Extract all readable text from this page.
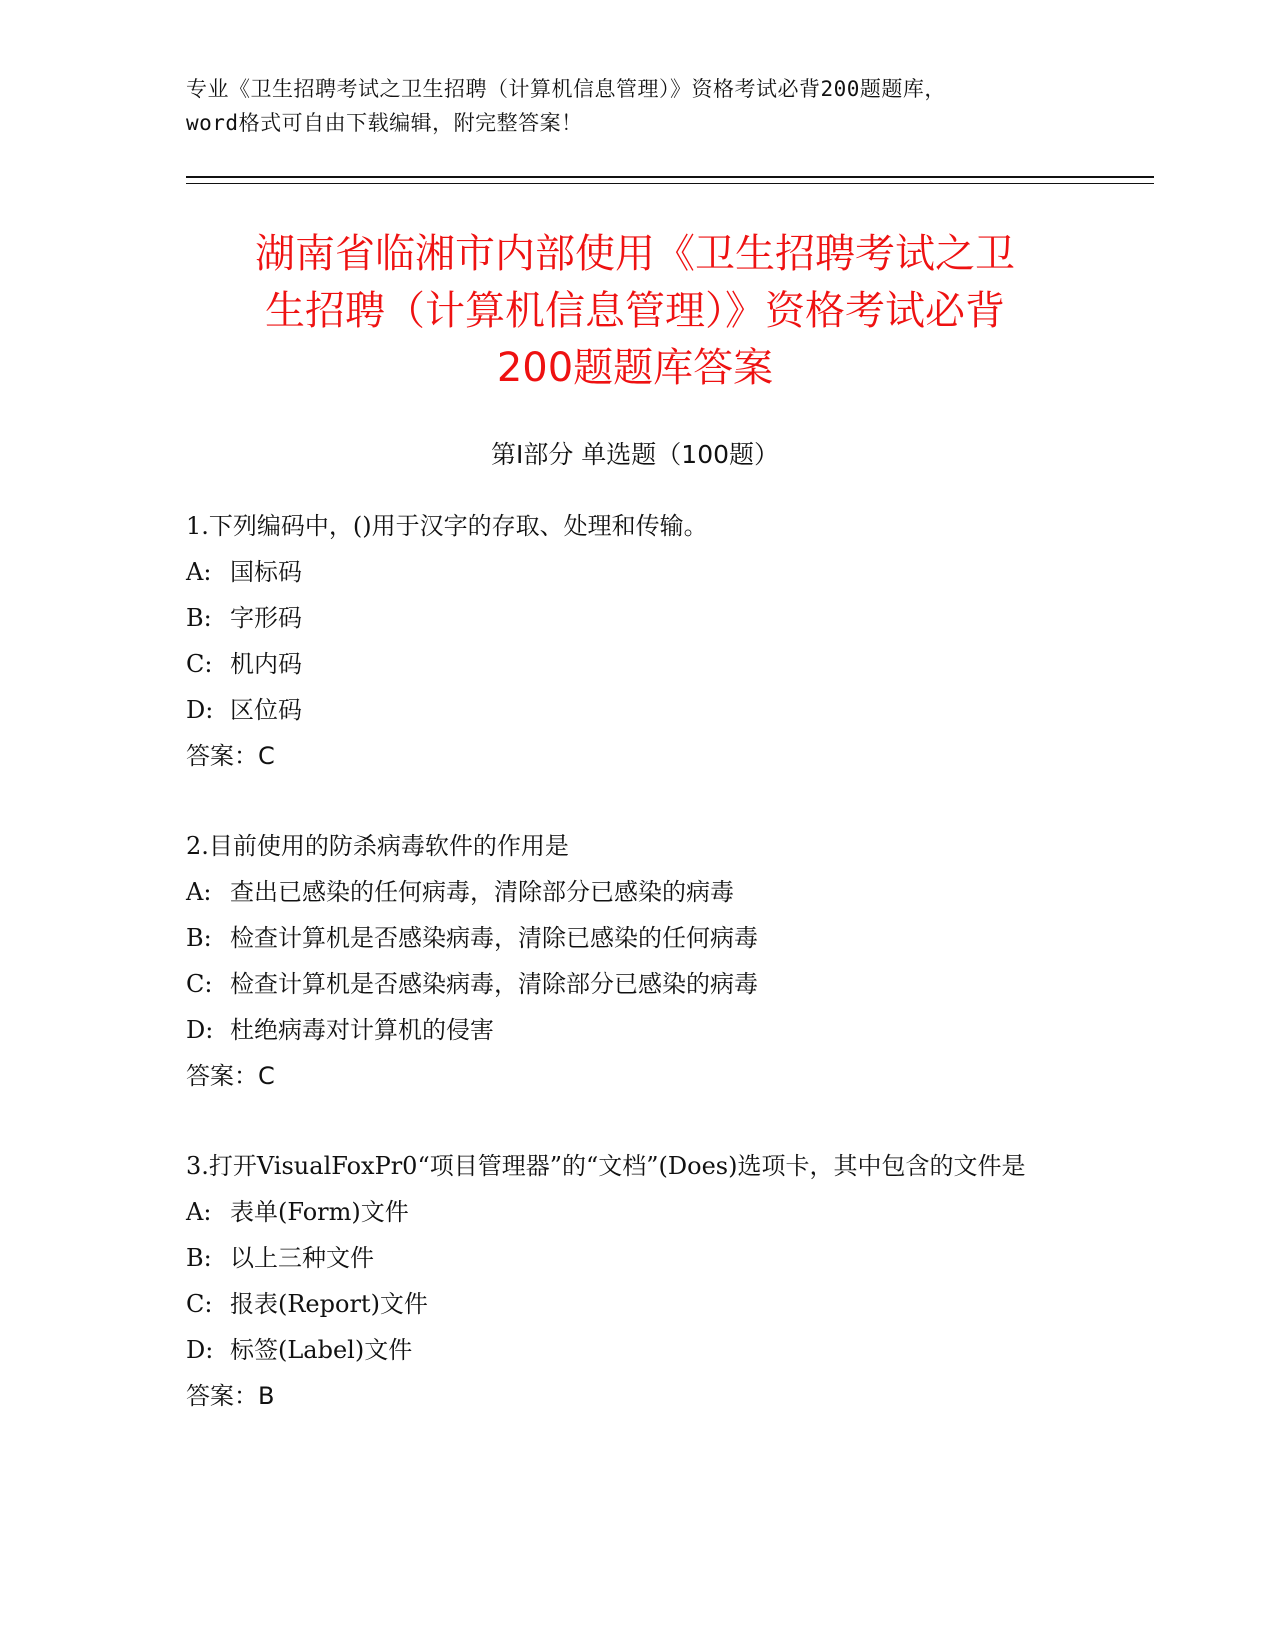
专业《卫生招聘考试之卫生招聘（计算机信息管理）》资格考试必背200题题库，
word格式可自由下载编辑，附完整答案！
湖南省临湘市内部使用《卫生招聘考试之卫
生招聘（计算机信息管理）》资格考试必背
200题题库答案
第Ⅰ部分 单选题（100题）
1.下列编码中，()用于汉字的存取、处理和传输。
A: 国标码
B: 字形码
C: 机内码
D: 区位码
答案：C
2.目前使用的防杀病毒软件的作用是
A: 查出已感染的任何病毒，清除部分已感染的病毒
B: 检查计算机是否感染病毒，清除已感染的任何病毒
C: 检查计算机是否感染病毒，清除部分已感染的病毒
D: 杜绝病毒对计算机的侵害
答案：C
3.打开VisualFoxPr0“项目管理器”的“文档”(Does)选项卡，其中包含的文件是
A: 表单(Form)文件
B: 以上三种文件
C: 报表(Report)文件
D: 标签(Label)文件
答案：B
